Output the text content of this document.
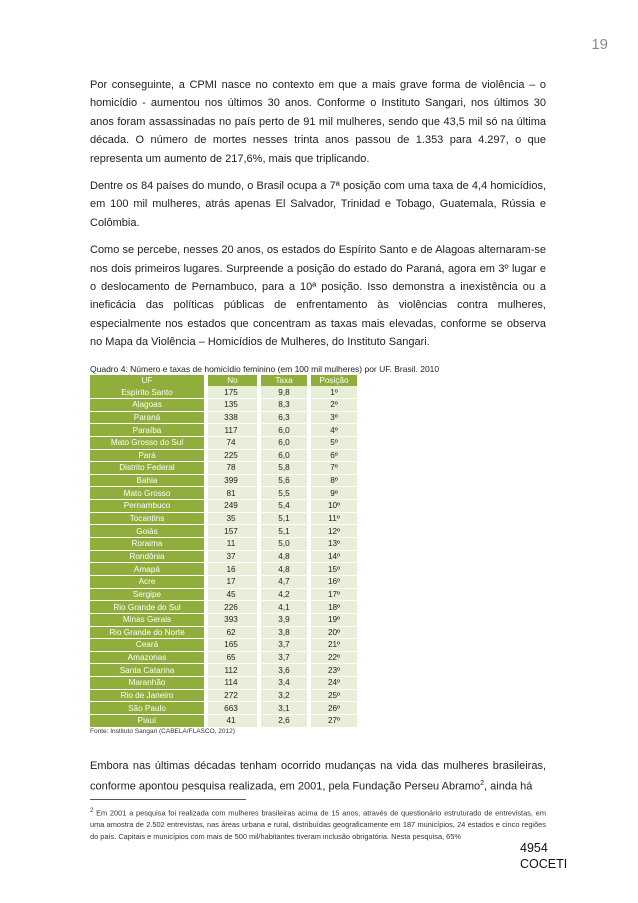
19

Por conseguinte, a CPMI nasce no contexto em que a mais grave forma de violência – o homicídio - aumentou nos últimos 30 anos. Conforme o Instituto Sangari, nos últimos 30 anos foram assassinadas no país perto de 91 mil mulheres, sendo que 43,5 mil só na última década. O número de mortes nesses trinta anos passou de 1.353 para 4.297, o que representa um aumento de 217,6%, mais que triplicando.

Dentre os 84 países do mundo, o Brasil ocupa a 7ª posição com uma taxa de 4,4 homicídios, em 100 mil mulheres, atrás apenas El Salvador, Trinidad e Tobago, Guatemala, Rússia e Colômbia.

Como se percebe, nesses 20 anos, os estados do Espírito Santo e de Alagoas alternaram-se nos dois primeiros lugares. Surpreende a posição do estado do Paraná, agora em 3º lugar e o deslocamento de Pernambuco, para a 10ª posição. Isso demonstra a inexistência ou a ineficácia das políticas públicas de enfrentamento às violências contra mulheres, especialmente nos estados que concentram as taxas mais elevadas, conforme se observa no Mapa da Violência – Homicídios de Mulheres, do Instituto Sangari.

Quadro 4: Número e taxas de homicídio feminino (em 100 mil mulheres) por UF. Brasil. 2010
UF		No		Taxa		Posição
Espírito Santo		175		9,8		1º
Alagoas		135		8,3		2º
Paraná		338		6,3		3º
Paraíba		117		6,0		4º
Mato Grosso do Sul		74		6,0		5º
Pará		225		6,0		6º
Distrito Federal		78		5,8		7º
Bahia		399		5,6		8º
Mato Grosso		81		5,5		9º
Pernambuco		249		5,4		10º
Tocantins		35		5,1		11º
Goiás		157		5,1		12º
Roraima		11		5,0		13º
Rondônia		37		4,8		14º
Amapá		16		4,8		15º
Acre		17		4,7		16º
Sergipe		45		4,2		17º
Rio Grande do Sul		226		4,1		18º
Minas Gerais		393		3,9		19º
Rio Grande do Norte		62		3,8		20º
Ceará		165		3,7		21º
Amazonas		65		3,7		22º
Santa Catarina		112		3,6		23º
Maranhão		114		3,4		24º
Rio de Janeiro		272		3,2		25º
São Paulo		663		3,1		26º
Piauí		41		2,6		27º
Fonte: Instituto Sangari (CABELA/FLASCO, 2012)

Embora nas últimas décadas tenham ocorrido mudanças na vida das mulheres brasileiras, conforme apontou pesquisa realizada, em 2001, pela Fundação Perseu Abramo$^2$, ainda há

$^2$ Em 2001 a pesquisa foi realizada com mulheres brasileiras acima de 15 anos, através de questionário estruturado de entrevistas, em uma amostra de 2.502 entrevistas, nas áreas urbana e rural, distribuídas geograficamente em 187 municípios, 24 estados e cinco regiões do país. Capitais e municípios com mais de 500 mil/habitantes tiveram inclusão obrigatória. Nesta pesquisa, 65%
4954
COCETI
